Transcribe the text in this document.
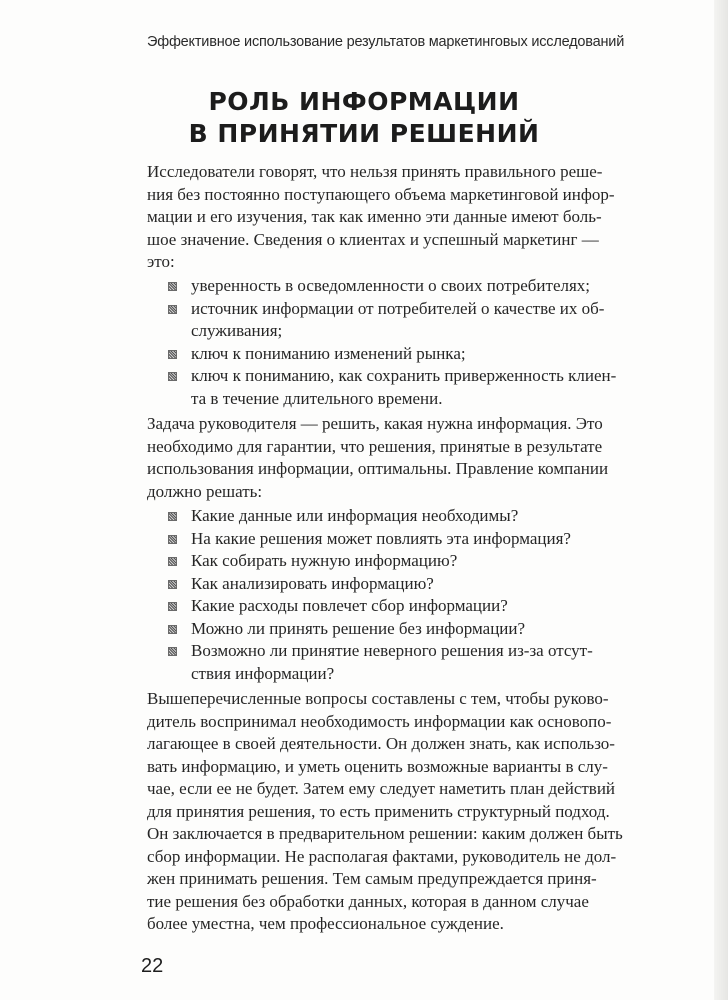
Эффективное использование результатов маркетинговых исследований
РОЛЬ ИНФОРМАЦИИ
В ПРИНЯТИИ РЕШЕНИЙ

Исследователи говорят, что нельзя принять правильного реше-
ния без постоянно поступающего объема маркетинговой инфор-
мации и его изучения, так как именно эти данные имеют боль-
шое значение. Сведения о клиентах и успешный маркетинг —
это:

уверенность в осведомленности о своих потребителях;
источник информации от потребителей о качестве их об-
служивания;
ключ к пониманию изменений рынка;
ключ к пониманию, как сохранить приверженность клиен-
та в течение длительного времени.

Задача руководителя — решить, какая нужна информация. Это
необходимо для гарантии, что решения, принятые в результате
использования информации, оптимальны. Правление компании
должно решать:

Какие данные или информация необходимы?
На какие решения может повлиять эта информация?
Как собирать нужную информацию?
Как анализировать информацию?
Какие расходы повлечет сбор информации?
Можно ли принять решение без информации?
Возможно ли принятие неверного решения из-за отсут-
ствия информации?

Вышеперечисленные вопросы составлены с тем, чтобы руково-
дитель воспринимал необходимость информации как основопо-
лагающее в своей деятельности. Он должен знать, как использо-
вать информацию, и уметь оценить возможные варианты в слу-
чае, если ее не будет. Затем ему следует наметить план действий
для принятия решения, то есть применить структурный подход.
Он заключается в предварительном решении: каким должен быть
сбор информации. Не располагая фактами, руководитель не дол-
жен принимать решения. Тем самым предупреждается приня-
тие решения без обработки данных, которая в данном случае
более уместна, чем профессиональное суждение.

22
